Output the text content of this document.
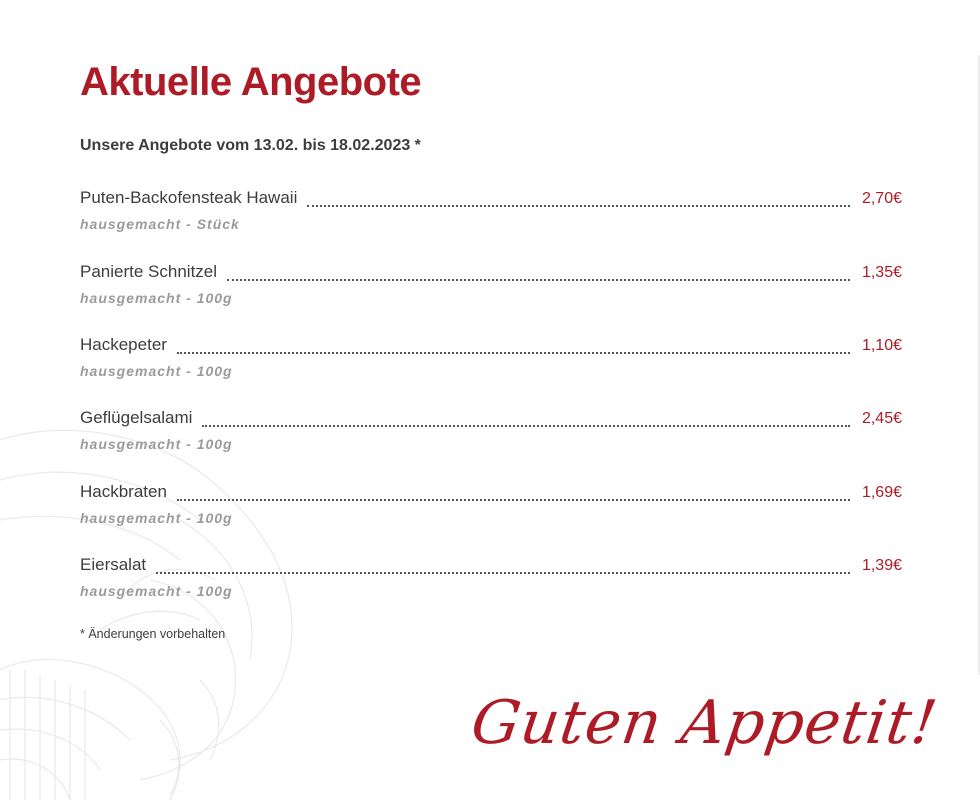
Aktuelle Angebote

Unsere Angebote vom 13.02. bis 18.02.2023 *

Puten-Backofensteak Hawaii	2,70€
hausgemacht - Stück
Panierte Schnitzel	1,35€
hausgemacht - 100g
Hackepeter	1,10€
hausgemacht - 100g
Geflügelsalami	2,45€
hausgemacht - 100g
Hackbraten	1,69€
hausgemacht - 100g
Eiersalat	1,39€
hausgemacht - 100g
* Änderungen vorbehalten

Guten Appetit!
